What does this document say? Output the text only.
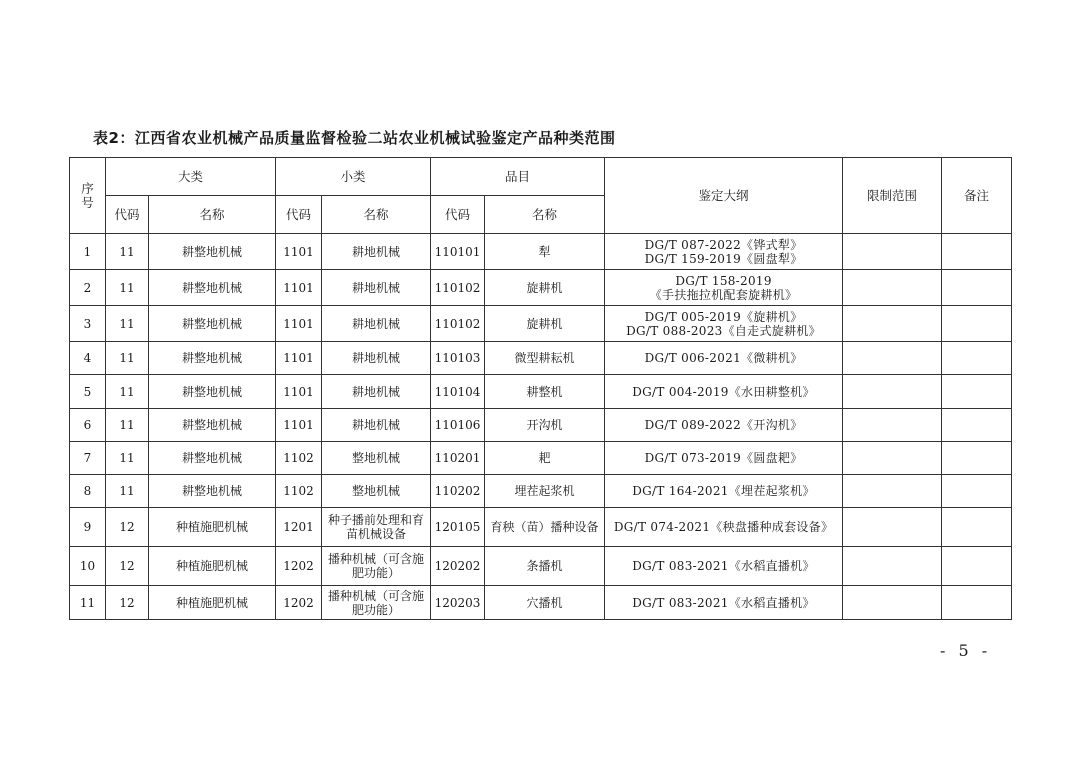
表2：江西省农业机械产品质量监督检验二站农业机械试验鉴定产品种类范围
序号	大类		小类		品目		鉴定大纲	限制范围	备注
	代码	名称	代码	名称	代码	名称			
1	11	耕整地机械	1101	耕地机械	110101	犁	DG/T 087-2022《铧式犁》
DG/T 159-2019《圆盘犁》		

2	11	耕整地机械	1101	耕地机械	110102	旋耕机	DG/T 158-2019
《手扶拖拉机配套旋耕机》		

3	11	耕整地机械	1101	耕地机械	110102	旋耕机	DG/T 005-2019《旋耕机》
DG/T 088-2023《自走式旋耕机》		

4	11	耕整地机械	1101	耕地机械	110103	微型耕耘机	DG/T 006-2021《微耕机》		

5	11	耕整地机械	1101	耕地机械	110104	耕整机	DG/T 004-2019《水田耕整机》		

6	11	耕整地机械	1101	耕地机械	110106	开沟机	DG/T 089-2022《开沟机》		

7	11	耕整地机械	1102	整地机械	110201	耙	DG/T 073-2019《圆盘耙》		

8	11	耕整地机械	1102	整地机械	110202	埋茬起浆机	DG/T 164-2021《埋茬起浆机》		

9	12	种植施肥机械	1201	种子播前处理和育苗机械设备	120105	育秧（苗）播种设备	DG/T 074-2021《秧盘播种成套设备》		

10	12	种植施肥机械	1202	播种机械（可含施肥功能）	120202	条播机	DG/T 083-2021《水稻直播机》		

11	12	种植施肥机械	1202	播种机械（可含施肥功能）	120203	穴播机	DG/T 083-2021《水稻直播机》		

- 5 -
